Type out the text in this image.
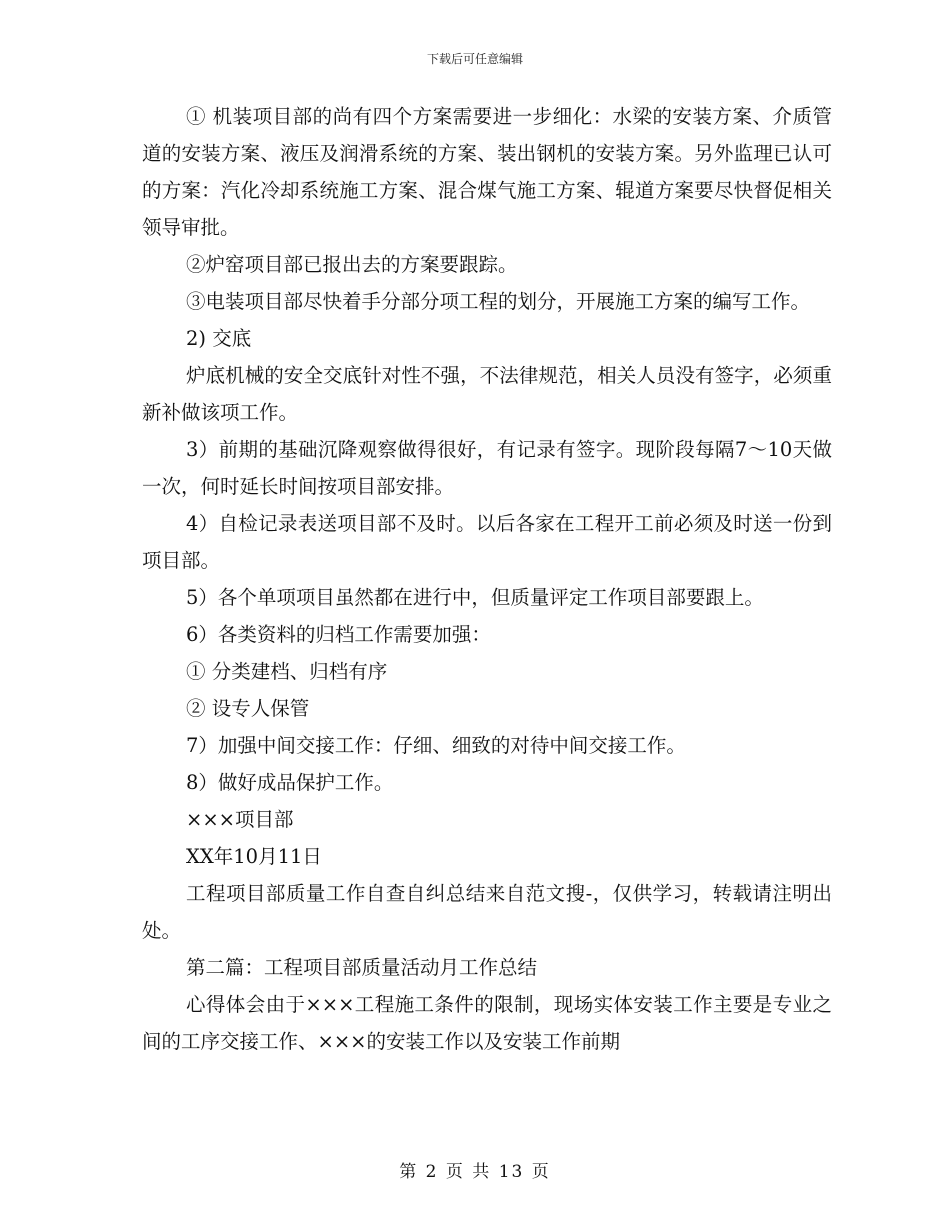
下载后可任意编辑

① 机装项目部的尚有四个方案需要进一步细化：水梁的安装方案、介质管道的安装方案、液压及润滑系统的方案、装出钢机的安装方案。另外监理已认可的方案：汽化冷却系统施工方案、混合煤气施工方案、辊道方案要尽快督促相关领导审批。

②炉窑项目部已报出去的方案要跟踪。

③电装项目部尽快着手分部分项工程的划分，开展施工方案的编写工作。

2) 交底

炉底机械的安全交底针对性不强，不法律规范，相关人员没有签字，必须重新补做该项工作。

3）前期的基础沉降观察做得很好，有记录有签字。现阶段每隔7～10天做一次，何时延长时间按项目部安排。

4）自检记录表送项目部不及时。以后各家在工程开工前必须及时送一份到项目部。

5）各个单项项目虽然都在进行中，但质量评定工作项目部要跟上。

6）各类资料的归档工作需要加强：

① 分类建档、归档有序

② 设专人保管

7）加强中间交接工作：仔细、细致的对待中间交接工作。

8）做好成品保护工作。

×××项目部

XX年10月11日

工程项目部质量工作自查自纠总结来自范文搜-，仅供学习，转载请注明出处。

第二篇：工程项目部质量活动月工作总结

心得体会由于×××工程施工条件的限制，现场实体安装工作主要是专业之间的工序交接工作、×××的安装工作以及安装工作前期

第 2 页 共 13 页
